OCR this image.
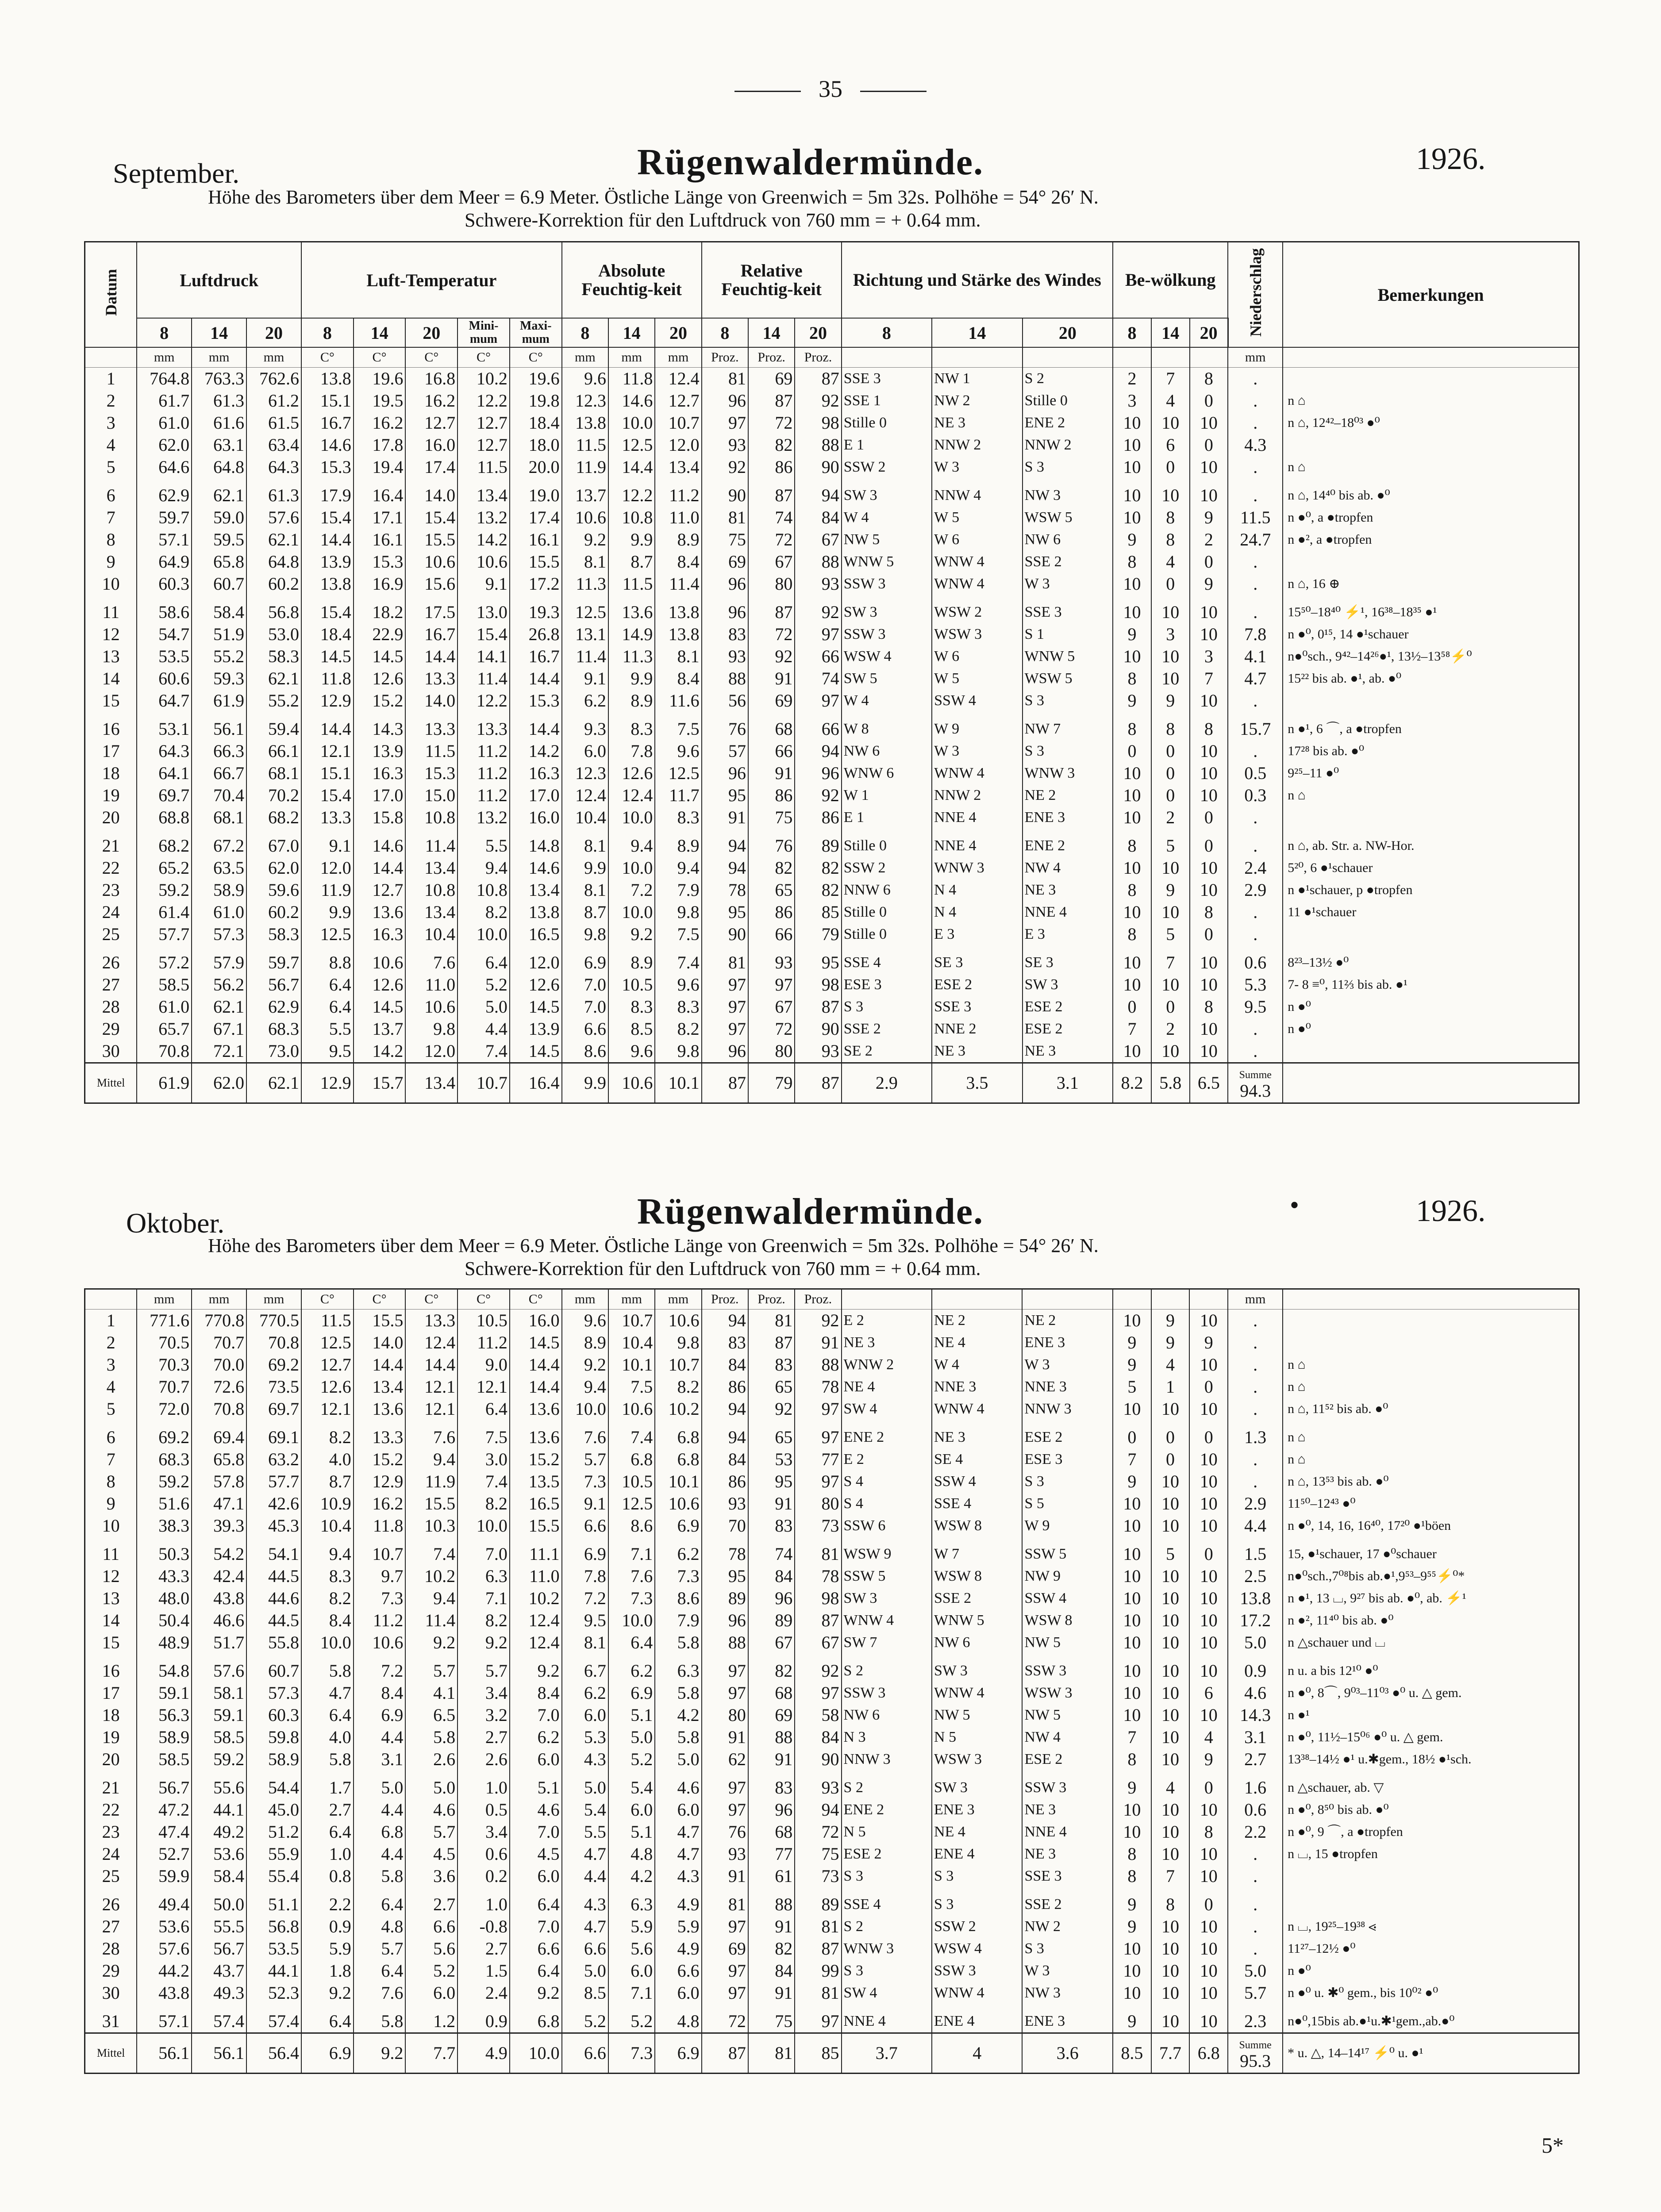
35
September.	Rügenwaldermünde.	1926.
Höhe des Barometers über dem Meer = 6.9 Meter. Östliche Länge von Greenwich = 5m 32s. Polhöhe = 54° 26′ N.
Schwere-Korrektion für den Luftdruck von 760 mm = + 0.64 mm.
Datum	Luftdruck			Luft-Temperatur					Absolute Feuchtig-keit			Relative Feuchtig-keit			Richtung und Stärke des Windes			Be-wölkung			Niederschlag	Bemerkungen
	8	14	20	8	14	20	Mini-mum	Maxi-mum	8	14	20	8	14	20	8	14	20	8	14	20		
	mm	mm	mm	C°	C°	C°	C°	C°	mm	mm	mm	Proz.	Proz.	Proz.							mm	
1	764.8	763.3	762.6	13.8	19.6	16.8	10.2	19.6	9.6	11.8	12.4	81	69	87	SSE 3	NW 1	S 2	2	7	8	.	
2	61.7	61.3	61.2	15.1	19.5	16.2	12.2	19.8	12.3	14.6	12.7	96	87	92	SSE 1	NW 2	Stille 0	3	4	0	.	n ⌂
3	61.0	61.6	61.5	16.7	16.2	12.7	12.7	18.4	13.8	10.0	10.7	97	72	98	Stille 0	NE 3	ENE 2	10	10	10	.	n ⌂, 12⁴²–18⁰³ ●⁰
4	62.0	63.1	63.4	14.6	17.8	16.0	12.7	18.0	11.5	12.5	12.0	93	82	88	E 1	NNW 2	NNW 2	10	6	0	4.3	
5	64.6	64.8	64.3	15.3	19.4	17.4	11.5	20.0	11.9	14.4	13.4	92	86	90	SSW 2	W 3	S 3	10	0	10	.	n ⌂

6	62.9	62.1	61.3	17.9	16.4	14.0	13.4	19.0	13.7	12.2	11.2	90	87	94	SW 3	NNW 4	NW 3	10	10	10	.	n ⌂, 14⁴⁰ bis ab. ●⁰
7	59.7	59.0	57.6	15.4	17.1	15.4	13.2	17.4	10.6	10.8	11.0	81	74	84	W 4	W 5	WSW 5	10	8	9	11.5	n ●⁰, a ●tropfen
8	57.1	59.5	62.1	14.4	16.1	15.5	14.2	16.1	9.2	9.9	8.9	75	72	67	NW 5	W 6	NW 6	9	8	2	24.7	n ●², a ●tropfen
9	64.9	65.8	64.8	13.9	15.3	10.6	10.6	15.5	8.1	8.7	8.4	69	67	88	WNW 5	WNW 4	SSE 2	8	4	0	.	
10	60.3	60.7	60.2	13.8	16.9	15.6	9.1	17.2	11.3	11.5	11.4	96	80	93	SSW 3	WNW 4	W 3	10	0	9	.	n ⌂, 16 ⊕

11	58.6	58.4	56.8	15.4	18.2	17.5	13.0	19.3	12.5	13.6	13.8	96	87	92	SW 3	WSW 2	SSE 3	10	10	10	.	15⁵⁰–18⁴⁰ ⚡¹, 16³⁸–18³⁵ ●¹
12	54.7	51.9	53.0	18.4	22.9	16.7	15.4	26.8	13.1	14.9	13.8	83	72	97	SSW 3	WSW 3	S 1	9	3	10	7.8	n ●⁰, 0¹⁵, 14 ●¹schauer
13	53.5	55.2	58.3	14.5	14.5	14.4	14.1	16.7	11.4	11.3	8.1	93	92	66	WSW 4	W 6	WNW 5	10	10	3	4.1	n●⁰sch., 9⁴²–14²⁶●¹, 13½–13⁵⁸⚡⁰
14	60.6	59.3	62.1	11.8	12.6	13.3	11.4	14.4	9.1	9.9	8.4	88	91	74	SW 5	W 5	WSW 5	8	10	7	4.7	15²² bis ab. ●¹, ab. ●⁰
15	64.7	61.9	55.2	12.9	15.2	14.0	12.2	15.3	6.2	8.9	11.6	56	69	97	W 4	SSW 4	S 3	9	9	10	.	

16	53.1	56.1	59.4	14.4	14.3	13.3	13.3	14.4	9.3	8.3	7.5	76	68	66	W 8	W 9	NW 7	8	8	8	15.7	n ●¹, 6 ⌒, a ●tropfen
17	64.3	66.3	66.1	12.1	13.9	11.5	11.2	14.2	6.0	7.8	9.6	57	66	94	NW 6	W 3	S 3	0	0	10	.	17²⁸ bis ab. ●⁰
18	64.1	66.7	68.1	15.1	16.3	15.3	11.2	16.3	12.3	12.6	12.5	96	91	96	WNW 6	WNW 4	WNW 3	10	0	10	0.5	9²⁵–11 ●⁰
19	69.7	70.4	70.2	15.4	17.0	15.0	11.2	17.0	12.4	12.4	11.7	95	86	92	W 1	NNW 2	NE 2	10	0	10	0.3	n ⌂
20	68.8	68.1	68.2	13.3	15.8	10.8	13.2	16.0	10.4	10.0	8.3	91	75	86	E 1	NNE 4	ENE 3	10	2	0	.	

21	68.2	67.2	67.0	9.1	14.6	11.4	5.5	14.8	8.1	9.4	8.9	94	76	89	Stille 0	NNE 4	ENE 2	8	5	0	.	n ⌂, ab. Str. a. NW-Hor.
22	65.2	63.5	62.0	12.0	14.4	13.4	9.4	14.6	9.9	10.0	9.4	94	82	82	SSW 2	WNW 3	NW 4	10	10	10	2.4	5²⁰, 6 ●¹schauer
23	59.2	58.9	59.6	11.9	12.7	10.8	10.8	13.4	8.1	7.2	7.9	78	65	82	NNW 6	N 4	NE 3	8	9	10	2.9	n ●¹schauer, p ●tropfen
24	61.4	61.0	60.2	9.9	13.6	13.4	8.2	13.8	8.7	10.0	9.8	95	86	85	Stille 0	N 4	NNE 4	10	10	8	.	11 ●¹schauer
25	57.7	57.3	58.3	12.5	16.3	10.4	10.0	16.5	9.8	9.2	7.5	90	66	79	Stille 0	E 3	E 3	8	5	0	.	

26	57.2	57.9	59.7	8.8	10.6	7.6	6.4	12.0	6.9	8.9	7.4	81	93	95	SSE 4	SE 3	SE 3	10	7	10	0.6	8²³–13½ ●⁰
27	58.5	56.2	56.7	6.4	12.6	11.0	5.2	12.6	7.0	10.5	9.6	97	97	98	ESE 3	ESE 2	SW 3	10	10	10	5.3	7- 8 ≡⁰, 11⅔ bis ab. ●¹
28	61.0	62.1	62.9	6.4	14.5	10.6	5.0	14.5	7.0	8.3	8.3	97	67	87	S 3	SSE 3	ESE 2	0	0	8	9.5	n ●⁰
29	65.7	67.1	68.3	5.5	13.7	9.8	4.4	13.9	6.6	8.5	8.2	97	72	90	SSE 2	NNE 2	ESE 2	7	2	10	.	n ●⁰
30	70.8	72.1	73.0	9.5	14.2	12.0	7.4	14.5	8.6	9.6	9.8	96	80	93	SE 2	NE 3	NE 3	10	10	10	.	
Mittel	61.9	62.0	62.1	12.9	15.7	13.4	10.7	16.4	9.9	10.6	10.1	87	79	87	2.9	3.5	3.1	8.2	5.8	6.5	Summe
94.3	

Oktober.	Rügenwaldermünde.	•	1926.
Höhe des Barometers über dem Meer = 6.9 Meter. Östliche Länge von Greenwich = 5m 32s. Polhöhe = 54° 26′ N.
Schwere-Korrektion für den Luftdruck von 760 mm = + 0.64 mm.
	mm	mm	mm	C°	C°	C°	C°	C°	mm	mm	mm	Proz.	Proz.	Proz.							mm	
1	771.6	770.8	770.5	11.5	15.5	13.3	10.5	16.0	9.6	10.7	10.6	94	81	92	E 2	NE 2	NE 2	10	9	10	.	
2	70.5	70.7	70.8	12.5	14.0	12.4	11.2	14.5	8.9	10.4	9.8	83	87	91	NE 3	NE 4	ENE 3	9	9	9	.	
3	70.3	70.0	69.2	12.7	14.4	14.4	9.0	14.4	9.2	10.1	10.7	84	83	88	WNW 2	W 4	W 3	9	4	10	.	n ⌂
4	70.7	72.6	73.5	12.6	13.4	12.1	12.1	14.4	9.4	7.5	8.2	86	65	78	NE 4	NNE 3	NNE 3	5	1	0	.	n ⌂
5	72.0	70.8	69.7	12.1	13.6	12.1	6.4	13.6	10.0	10.6	10.2	94	92	97	SW 4	WNW 4	NNW 3	10	10	10	.	n ⌂, 11⁵² bis ab. ●⁰

6	69.2	69.4	69.1	8.2	13.3	7.6	7.5	13.6	7.6	7.4	6.8	94	65	97	ENE 2	NE 3	ESE 2	0	0	0	1.3	n ⌂
7	68.3	65.8	63.2	4.0	15.2	9.4	3.0	15.2	5.7	6.8	6.8	84	53	77	E 2	SE 4	ESE 3	7	0	10	.	n ⌂
8	59.2	57.8	57.7	8.7	12.9	11.9	7.4	13.5	7.3	10.5	10.1	86	95	97	S 4	SSW 4	S 3	9	10	10	.	n ⌂, 13⁵³ bis ab. ●⁰
9	51.6	47.1	42.6	10.9	16.2	15.5	8.2	16.5	9.1	12.5	10.6	93	91	80	S 4	SSE 4	S 5	10	10	10	2.9	11⁵⁰–12⁴³ ●⁰
10	38.3	39.3	45.3	10.4	11.8	10.3	10.0	15.5	6.6	8.6	6.9	70	83	73	SSW 6	WSW 8	W 9	10	10	10	4.4	n ●⁰, 14, 16, 16⁴⁰, 17²⁰ ●¹böen

11	50.3	54.2	54.1	9.4	10.7	7.4	7.0	11.1	6.9	7.1	6.2	78	74	81	WSW 9	W 7	SSW 5	10	5	0	1.5	15, ●¹schauer, 17 ●⁰schauer
12	43.3	42.4	44.5	8.3	9.7	10.2	6.3	11.0	7.8	7.6	7.3	95	84	78	SSW 5	WSW 8	NW 9	10	10	10	2.5	n●⁰sch.,7⁰⁸bis ab.●¹,9⁵³–9⁵⁵⚡⁰*
13	48.0	43.8	44.6	8.2	7.3	9.4	7.1	10.2	7.2	7.3	8.6	89	96	98	SW 3	SSE 2	SSW 4	10	10	10	13.8	n ●¹, 13 ⌴, 9²⁷ bis ab. ●⁰, ab. ⚡¹
14	50.4	46.6	44.5	8.4	11.2	11.4	8.2	12.4	9.5	10.0	7.9	96	89	87	WNW 4	WNW 5	WSW 8	10	10	10	17.2	n ●², 11⁴⁰ bis ab. ●⁰
15	48.9	51.7	55.8	10.0	10.6	9.2	9.2	12.4	8.1	6.4	5.8	88	67	67	SW 7	NW 6	NW 5	10	10	10	5.0	n △schauer und ⌴

16	54.8	57.6	60.7	5.8	7.2	5.7	5.7	9.2	6.7	6.2	6.3	97	82	92	S 2	SW 3	SSW 3	10	10	10	0.9	n u. a bis 12¹⁰ ●⁰
17	59.1	58.1	57.3	4.7	8.4	4.1	3.4	8.4	6.2	6.9	5.8	97	68	97	SSW 3	WNW 4	WSW 3	10	10	6	4.6	n ●⁰, 8⌒, 9⁰³–11⁰³ ●⁰ u. △ gem.
18	56.3	59.1	60.3	6.4	6.9	6.5	3.2	7.0	6.0	5.1	4.2	80	69	58	NW 6	NW 5	NW 5	10	10	10	14.3	n ●¹
19	58.9	58.5	59.8	4.0	4.4	5.8	2.7	6.2	5.3	5.0	5.8	91	88	84	N 3	N 5	NW 4	7	10	4	3.1	n ●⁰, 11½–15⁰⁶ ●⁰ u. △ gem.
20	58.5	59.2	58.9	5.8	3.1	2.6	2.6	6.0	4.3	5.2	5.0	62	91	90	NNW 3	WSW 3	ESE 2	8	10	9	2.7	13³⁸–14½ ●¹ u.✱gem., 18½ ●¹sch.

21	56.7	55.6	54.4	1.7	5.0	5.0	1.0	5.1	5.0	5.4	4.6	97	83	93	S 2	SW 3	SSW 3	9	4	0	1.6	n △schauer, ab. ▽
22	47.2	44.1	45.0	2.7	4.4	4.6	0.5	4.6	5.4	6.0	6.0	97	96	94	ENE 2	ENE 3	NE 3	10	10	10	0.6	n ●⁰, 8⁵⁰ bis ab. ●⁰
23	47.4	49.2	51.2	6.4	6.8	5.7	3.4	7.0	5.5	5.1	4.7	76	68	72	N 5	NE 4	NNE 4	10	10	8	2.2	n ●⁰, 9 ⌒, a ●tropfen
24	52.7	53.6	55.9	1.0	4.4	4.5	0.6	4.5	4.7	4.8	4.7	93	77	75	ESE 2	ENE 4	NE 3	8	10	10	.	n ⌴, 15 ●tropfen
25	59.9	58.4	55.4	0.8	5.8	3.6	0.2	6.0	4.4	4.2	4.3	91	61	73	S 3	S 3	SSE 3	8	7	10	.	

26	49.4	50.0	51.1	2.2	6.4	2.7	1.0	6.4	4.3	6.3	4.9	81	88	89	SSE 4	S 3	SSE 2	9	8	0	.	
27	53.6	55.5	56.8	0.9	4.8	6.6	-0.8	7.0	4.7	5.9	5.9	97	91	81	S 2	SSW 2	NW 2	9	10	10	.	n ⌴, 19²⁵–19³⁸ ⋖
28	57.6	56.7	53.5	5.9	5.7	5.6	2.7	6.6	6.6	5.6	4.9	69	82	87	WNW 3	WSW 4	S 3	10	10	10	.	11²⁷–12½ ●⁰
29	44.2	43.7	44.1	1.8	6.4	5.2	1.5	6.4	5.0	6.0	6.6	97	84	99	S 3	SSW 3	W 3	10	10	10	5.0	n ●⁰
30	43.8	49.3	52.3	9.2	7.6	6.0	2.4	9.2	8.5	7.1	6.0	97	91	81	SW 4	WNW 4	NW 3	10	10	10	5.7	n ●⁰ u. ✱⁰ gem., bis 10⁰² ●⁰

31	57.1	57.4	57.4	6.4	5.8	1.2	0.9	6.8	5.2	5.2	4.8	72	75	97	NNE 4	ENE 4	ENE 3	9	10	10	2.3	n●⁰,15bis ab.●¹u.✱¹gem.,ab.●⁰
Mittel	56.1	56.1	56.4	6.9	9.2	7.7	4.9	10.0	6.6	7.3	6.9	87	81	85	3.7	4	3.6	8.5	7.7	6.8	Summe
95.3	* u. △, 14–14¹⁷ ⚡⁰ u. ●¹
5*
